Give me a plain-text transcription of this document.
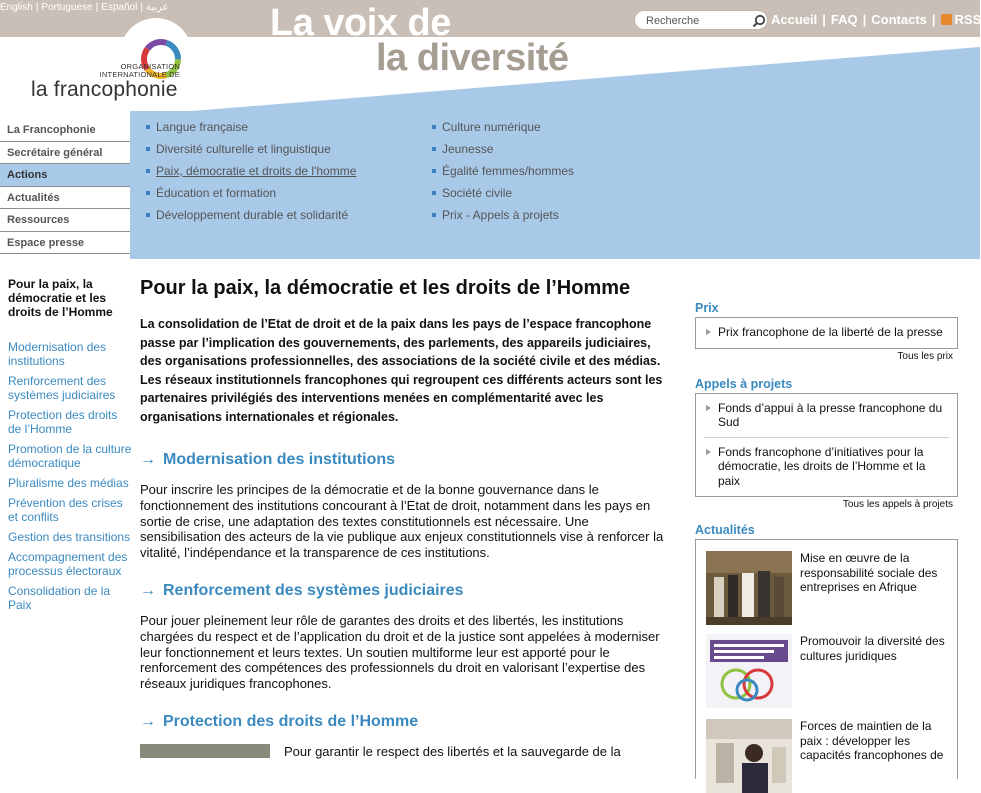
English | Portuguese | Español | عربية	La voix de
la diversité
Recherche
Accueil | FAQ | Contacts | RSS
ORGANISATION
INTERNATIONALE DE
la francophonie
La Francophonie
Secrétaire général
Actions
Actualités
Ressources
Espace presse
Langue française
Diversité culturelle et linguistique
Paix, démocratie et droits de l'homme
Éducation et formation
Développement durable et solidarité
Culture numérique
Jeunesse
Égalité femmes/hommes
Société civile
Prix - Appels à projets
Pour la paix, la démocratie et les droits de l’Homme
Modernisation des institutions
Renforcement des systèmes judiciaires
Protection des droits de l’Homme
Promotion de la culture démocratique
Pluralisme des médias
Prévention des crises et conflits
Gestion des transitions
Accompagnement des processus électoraux
Consolidation de la Paix
Pour la paix, la démocratie et les droits de l’Homme

La consolidation de l’Etat de droit et de la paix dans les pays de l’espace francophone passe par l’implication des gouvernements, des parlements, des appareils judiciaires, des organisations professionnelles, des associations de la société civile et des médias. Les réseaux institutionnels francophones qui regroupent ces différents acteurs sont les partenaires privilégiés des interventions menées en complémentarité avec les organisations internationales et régionales.

→ Modernisation des institutions

Pour inscrire les principes de la démocratie et de la bonne gouvernance dans le fonctionnement des institutions concourant à l’Etat de droit, notamment dans les pays en sortie de crise, une adaptation des textes constitutionnels est nécessaire. Une sensibilisation des acteurs de la vie publique aux enjeux constitutionnels vise à renforcer la vitalité, l’indépendance et la transparence de ces institutions.

→ Renforcement des systèmes judiciaires

Pour jouer pleinement leur rôle de garantes des droits et des libertés, les institutions chargées du respect et de l’application du droit et de la justice sont appelées à moderniser leur fonctionnement et leurs textes. Un soutien multiforme leur est apporté pour le renforcement des compétences des professionnels du droit en valorisant l’expertise des réseaux juridiques francophones.

→ Protection des droits de l’Homme

Pour garantir le respect des libertés et la sauvegarde de la

Prix
Prix francophone de la liberté de la presse
Tous les prix
Appels à projets
Fonds d’appui à la presse francophone du Sud
Fonds francophone d’initiatives pour la démocratie, les droits de l’Homme et la paix
Tous les appels à projets
Actualités
Mise en œuvre de la responsabilité sociale des entreprises en Afrique
Promouvoir la diversité des cultures juridiques
Forces de maintien de la paix : développer les capacités francophones de
